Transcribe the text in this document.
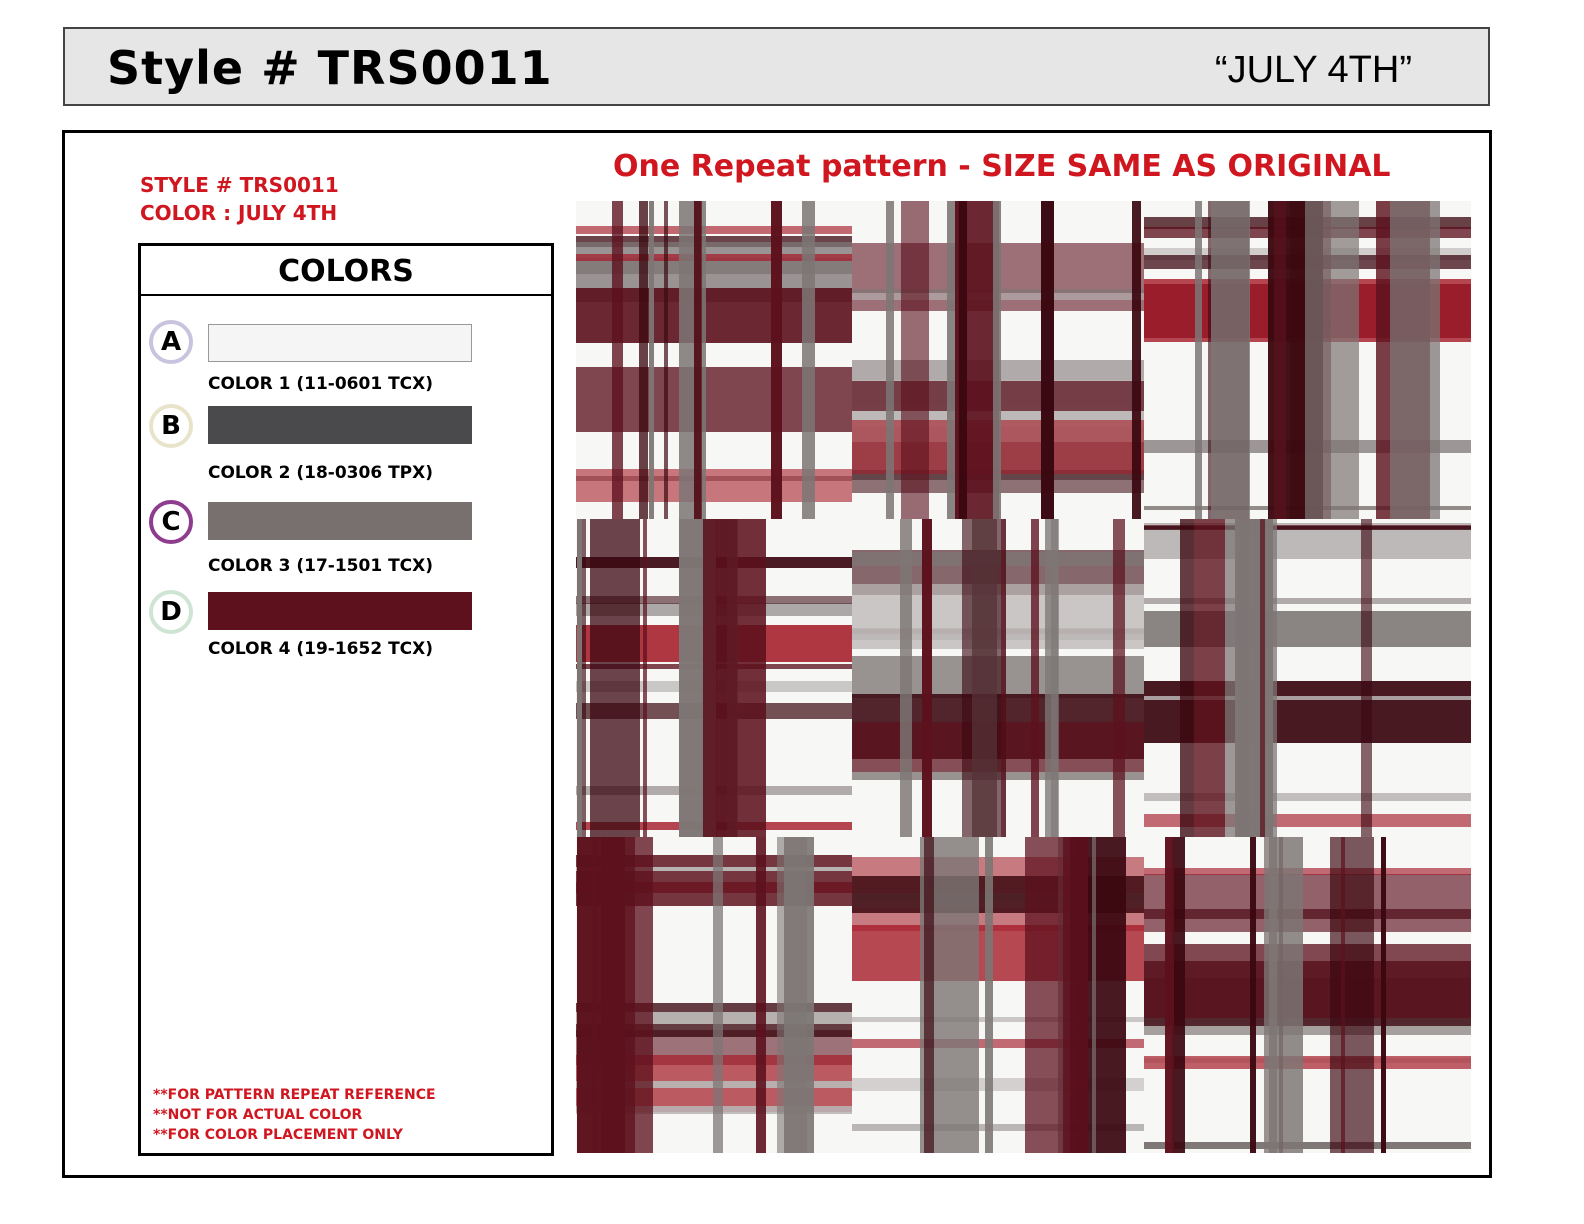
Style # TRS0011	“JULY 4TH”
STYLE # TRS0011
COLOR : JULY 4TH
One Repeat pattern - SIZE SAME AS ORIGINAL
COLORS
A
COLOR 1 (11-0601 TCX)
B
COLOR 2 (18-0306 TPX)
C
COLOR 3 (17-1501 TCX)
D
COLOR 4 (19-1652 TCX)
**FOR PATTERN REPEAT REFERENCE
**NOT FOR ACTUAL COLOR
**FOR COLOR PLACEMENT ONLY
